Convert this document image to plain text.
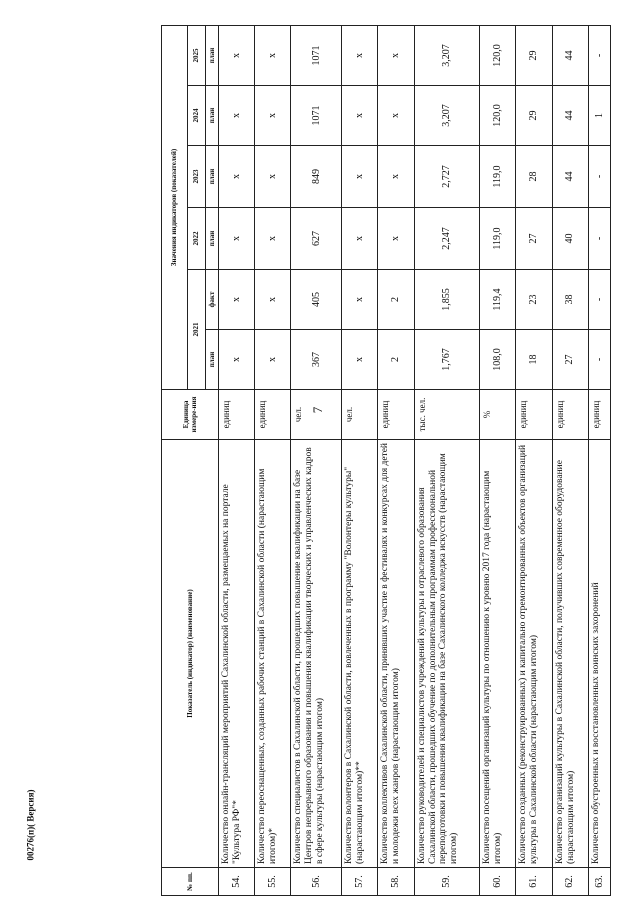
7
00276(п)( Версия)
№ пп.	Показатель (индикатор) (наименование)	Единица измере-ния	Значения индикаторов (показателей)					
			2021		2022	2023	2024	2025
			план	факт	план	план	план	план
54.	Количество онлайн-трансляций мероприятий Сахалинской области, размещаемых на портале "Культура РФ"*	единиц	x	x	x	x	x	x
55.	Количество переоснащенных, созданных рабочих станций в Сахалинской области (нарастающим итогом)*	единиц	x	x	x	x	x	x
56.	Количество специалистов в Сахалинской области, прошедших повышение квалификации на базе Центров непрерывного образования и повышения квалификации творческих и управленческих кадров в сфере культуры (нарастающим итогом)	чел.	367	405	627	849	1071	1071
57.	Количество волонтеров в Сахалинской области, вовлеченных в программу "Волонтеры культуры" (нарастающим итогом)**	чел.	x	x	x	x	x	x
58.	Количество коллективов Сахалинской области, принявших участие в фестивалях и конкурсах для детей и молодежи всех жанров (нарастающим итогом)	единиц	2	2	x	x	x	x
59.	Количество руководителей и специалистов учреждений культуры и отраслевого образования Сахалинской области, прошедших обучение по дополнительным программам профессиональной переподготовки и повышения квалификации на базе Сахалинского колледжа искусств (нарастающим итогом)	тыс. чел.	1,767	1,855	2,247	2,727	3,207	3,207
60.	Количество посещений организаций культуры по отношению к уровню 2017 года (нарастающим итогом)	%	108,0	119,4	119,0	119,0	120,0	120,0
61.	Количество созданных (реконструированных) и капитально отремонтированных объектов организаций культуры в Сахалинской области (нарастающим итогом)	единиц	18	23	27	28	29	29
62.	Количество организаций культуры в Сахалинской области, получивших современное оборудование (нарастающим итогом)	единиц	27	38	40	44	44	44
63.	Количество обустроенных и восстановленных воинских захоронений	единиц	-	-	-	-	1	-
